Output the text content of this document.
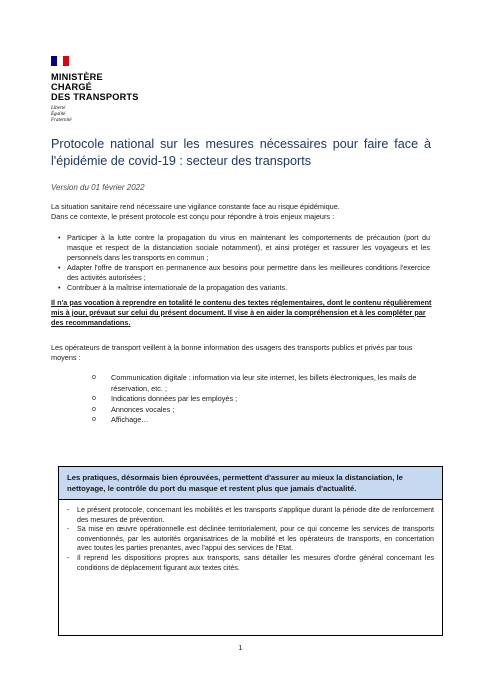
MINISTÈRE
CHARGÉ
DES TRANSPORTS
Liberté
Égalité
Fraternité
Protocole national sur les mesures nécessaires pour faire face à l'épidémie de covid-19 : secteur des transports
Version du 01 février 2022
La situation sanitaire rend nécessaire une vigilance constante face au risque épidémique.
Dans ce contexte, le présent protocole est conçu pour répondre à trois enjeux majeurs :
• Participer à la lutte contre la propagation du virus en maintenant les comportements de précaution (port du masque et respect de la distanciation sociale notamment), et ainsi protéger et rassurer les voyageurs et les personnels dans les transports en commun ;
• Adapter l'offre de transport en permanence aux besoins pour permettre dans les meilleures conditions l'exercice des activités autorisées ;
• Contribuer à la maîtrise internationale de la propagation des variants.
Il n'a pas vocation à reprendre en totalité le contenu des textes réglementaires, dont le contenu régulièrement mis à jour, prévaut sur celui du présent document. Il vise à en aider la compréhension et à les compléter par des recommandations.
Les opérateurs de transport veillent à la bonne information des usagers des transports publics et privés par tous moyens :
o Communication digitale : information via leur site internet, les billets électroniques, les mails de réservation, etc. ;
o Indications données par les employés ;
o Annonces vocales ;
o Affichage…
Les pratiques, désormais bien éprouvées, permettent d'assurer au mieux la distanciation, le nettoyage, le contrôle du port du masque et restent plus que jamais d'actualité.
- Le présent protocole, concernant les mobilités et les transports s'applique durant la période dite de renforcement des mesures de prévention.
- Sa mise en œuvre opérationnelle est déclinée territorialement, pour ce qui concerne les services de transports conventionnés, par les autorités organisatrices de la mobilité et les opérateurs de transports, en concertation avec toutes les parties prenantes, avec l'appui des services de l'Etat.
- Il reprend les dispositions propres aux transports, sans détailler les mesures d'ordre général concernant les conditions de déplacement figurant aux textes cités.
1
